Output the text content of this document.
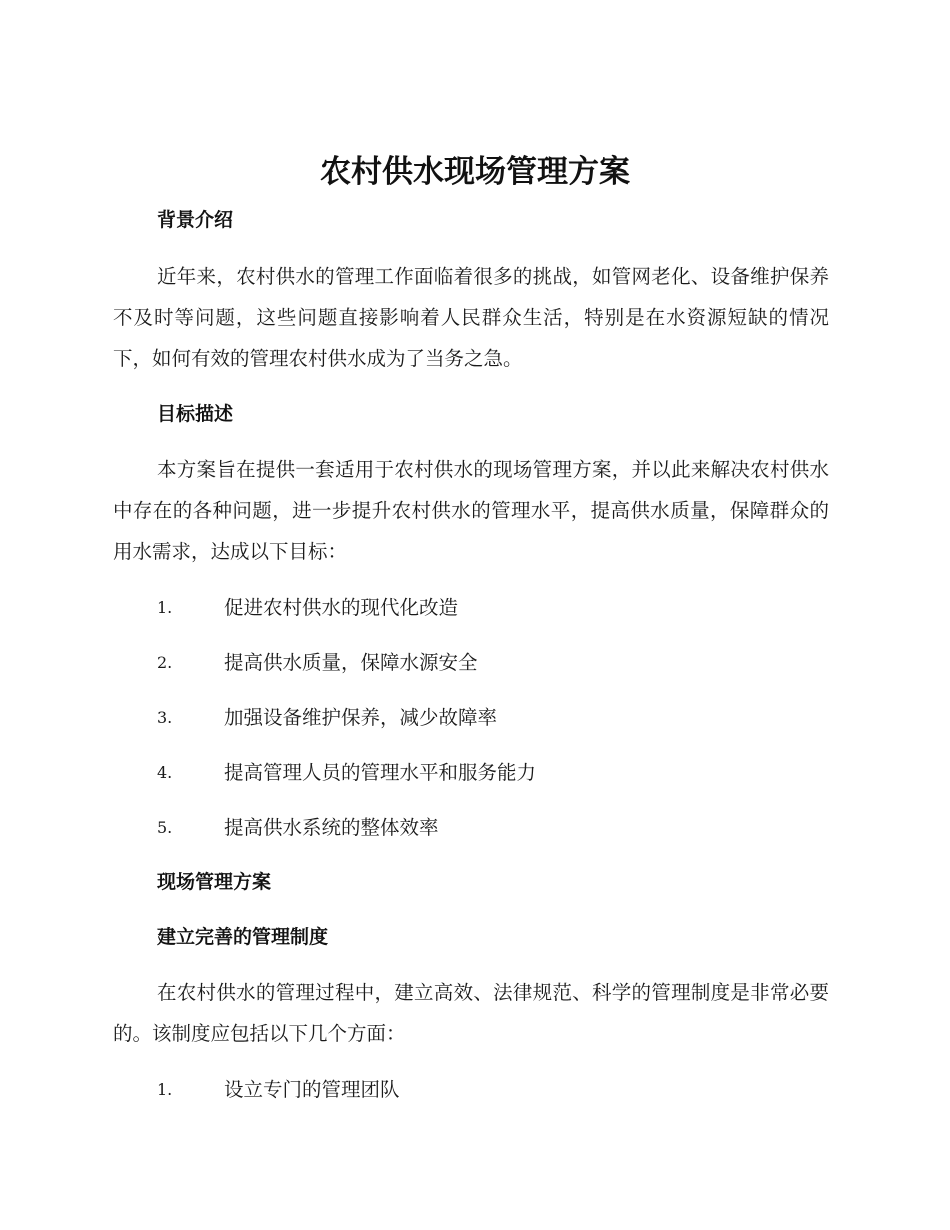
农村供水现场管理方案
背景介绍

近年来，农村供水的管理工作面临着很多的挑战，如管网老化、设备维护保养不及时等问题，这些问题直接影响着人民群众生活，特别是在水资源短缺的情况下，如何有效的管理农村供水成为了当务之急。

目标描述

本方案旨在提供一套适用于农村供水的现场管理方案，并以此来解决农村供水中存在的各种问题，进一步提升农村供水的管理水平，提高供水质量，保障群众的用水需求，达成以下目标：

1.	促进农村供水的现代化改造
2.	提高供水质量，保障水源安全
3.	加强设备维护保养，减少故障率
4.	提高管理人员的管理水平和服务能力
5.	提高供水系统的整体效率
现场管理方案
建立完善的管理制度

在农村供水的管理过程中，建立高效、法律规范、科学的管理制度是非常必要的。该制度应包括以下几个方面：

1.	设立专门的管理团队
